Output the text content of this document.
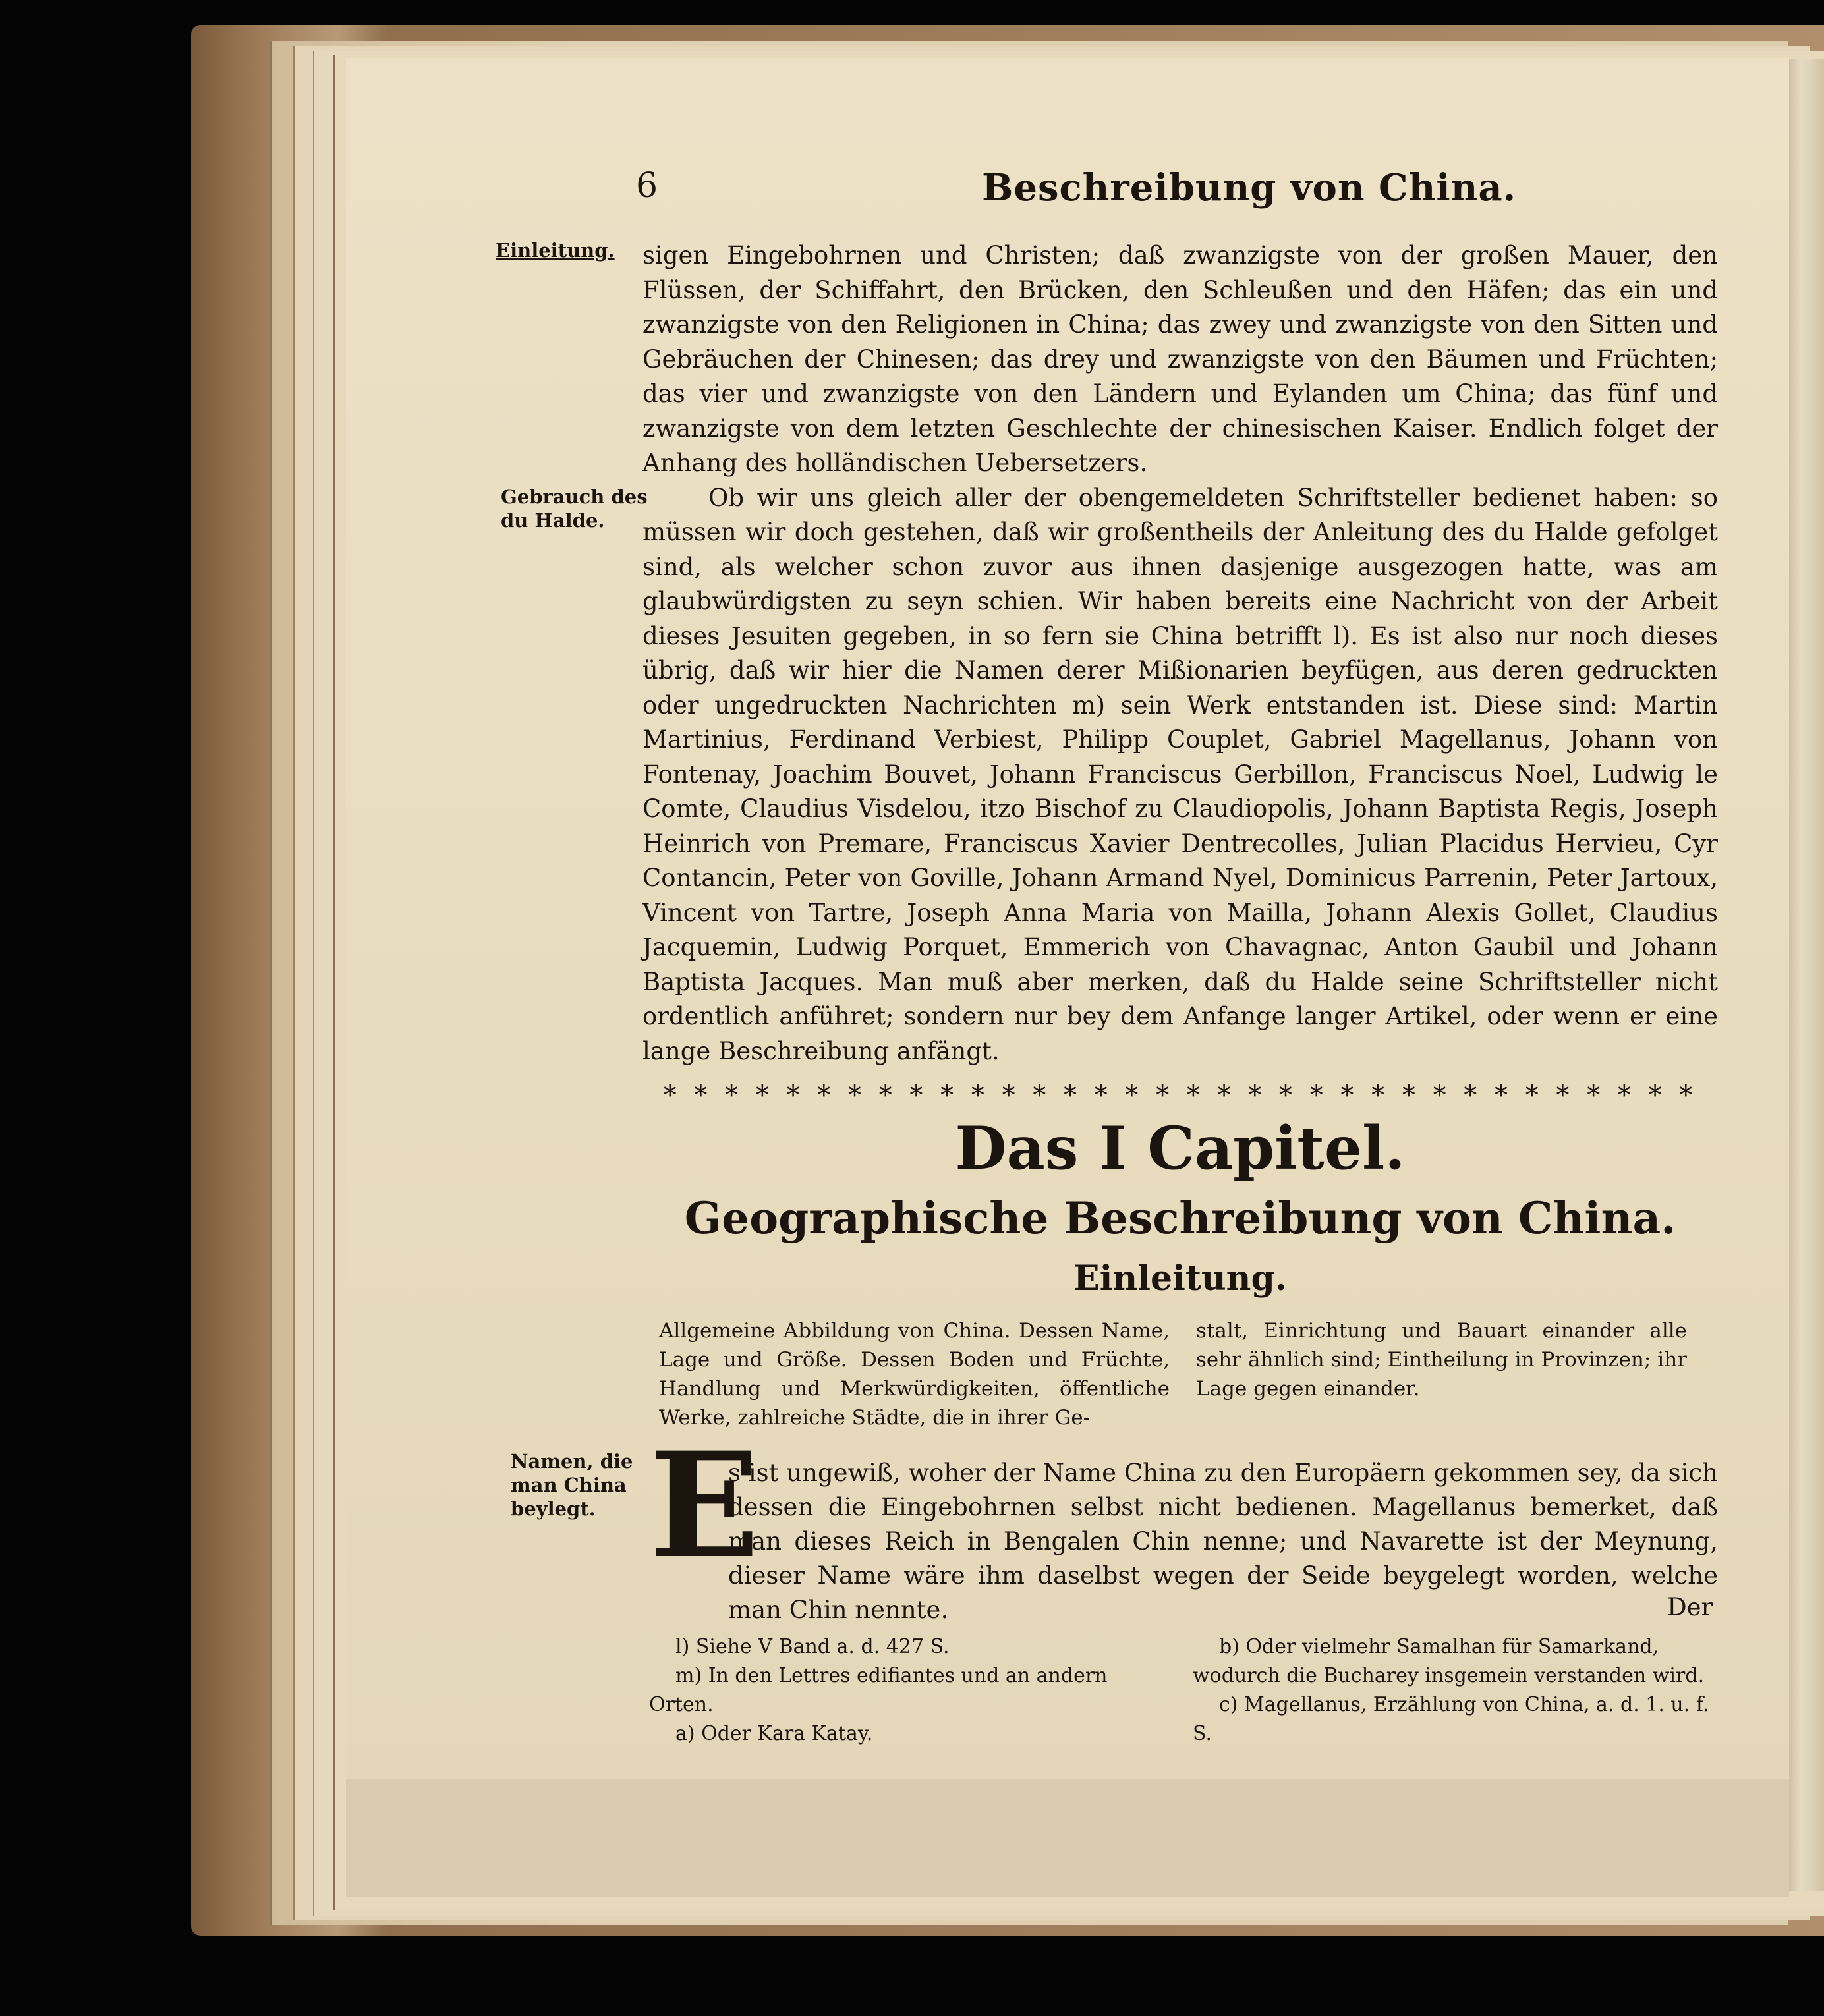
6	Beschreibung von China.
Einleitung.
Gebrauch des du Halde.
Namen, die man China beylegt.

sigen Eingebohrnen und Christen; daß zwanzigste von der großen Mauer, den Flüssen, der Schiffahrt, den Brücken, den Schleußen und den Häfen; das ein und zwanzigste von den Religionen in China; das zwey und zwanzigste von den Sitten und Gebräuchen der Chinesen; das drey und zwanzigste von den Bäumen und Früchten; das vier und zwanzigste von den Ländern und Eylanden um China; das fünf und zwanzigste von dem letzten Geschlechte der chinesischen Kaiser. Endlich folget der Anhang des holländischen Uebersetzers.

Ob wir uns gleich aller der obengemeldeten Schriftsteller bedienet haben: so müssen wir doch gestehen, daß wir großentheils der Anleitung des du Halde gefolget sind, als welcher schon zuvor aus ihnen dasjenige ausgezogen hatte, was am glaubwürdigsten zu seyn schien. Wir haben bereits eine Nachricht von der Arbeit dieses Jesuiten gegeben, in so fern sie China betrifft l). Es ist also nur noch dieses übrig, daß wir hier die Namen derer Mißionarien beyfügen, aus deren gedruckten oder ungedruckten Nachrichten m) sein Werk entstanden ist. Diese sind: Martin Martinius, Ferdinand Verbiest, Philipp Couplet, Gabriel Magellanus, Johann von Fontenay, Joachim Bouvet, Johann Franciscus Gerbillon, Franciscus Noel, Ludwig le Comte, Claudius Visdelou, itzo Bischof zu Claudiopolis, Johann Baptista Regis, Joseph Heinrich von Premare, Franciscus Xavier Dentrecolles, Julian Placidus Hervieu, Cyr Contancin, Peter von Goville, Johann Armand Nyel, Dominicus Parrenin, Peter Jartoux, Vincent von Tartre, Joseph Anna Maria von Mailla, Johann Alexis Gollet, Claudius Jacquemin, Ludwig Porquet, Emmerich von Chavagnac, Anton Gaubil und Johann Baptista Jacques. Man muß aber merken, daß du Halde seine Schriftsteller nicht ordentlich anführet; sondern nur bey dem Anfange langer Artikel, oder wenn er eine lange Beschreibung anfängt.

* * * * * * * * * * * * * * * * * * * * * * * * * * * * * * * * * *
Das I Capitel.
Geographische Beschreibung von China.
Einleitung.
Allgemeine Abbildung von China. Dessen Name, Lage und Größe. Dessen Boden und Früchte, Handlung und Merkwürdigkeiten, öffentliche Werke, zahlreiche Städte, die in ihrer Ge-
stalt, Einrichtung und Bauart einander alle sehr ähnlich sind; Eintheilung in Provinzen; ihr Lage gegen einander.
E
s ist ungewiß, woher der Name China zu den Europäern gekommen sey, da sich dessen die Eingebohrnen selbst nicht bedienen. Magellanus bemerket, daß man dieses Reich in Bengalen Chin nenne; und Navarette ist der Meynung, dieser Name wäre ihm daselbst wegen der Seide beygelegt worden, welche man Chin nennte.	Der

l) Siehe V Band a. d. 427 S.

m) In den Lettres edifiantes und an andern Orten.

a) Oder Kara Katay.

b) Oder vielmehr Samalhan für Samarkand, wodurch die Bucharey insgemein verstanden wird.

c) Magellanus, Erzählung von China, a. d. 1. u. f. S.
